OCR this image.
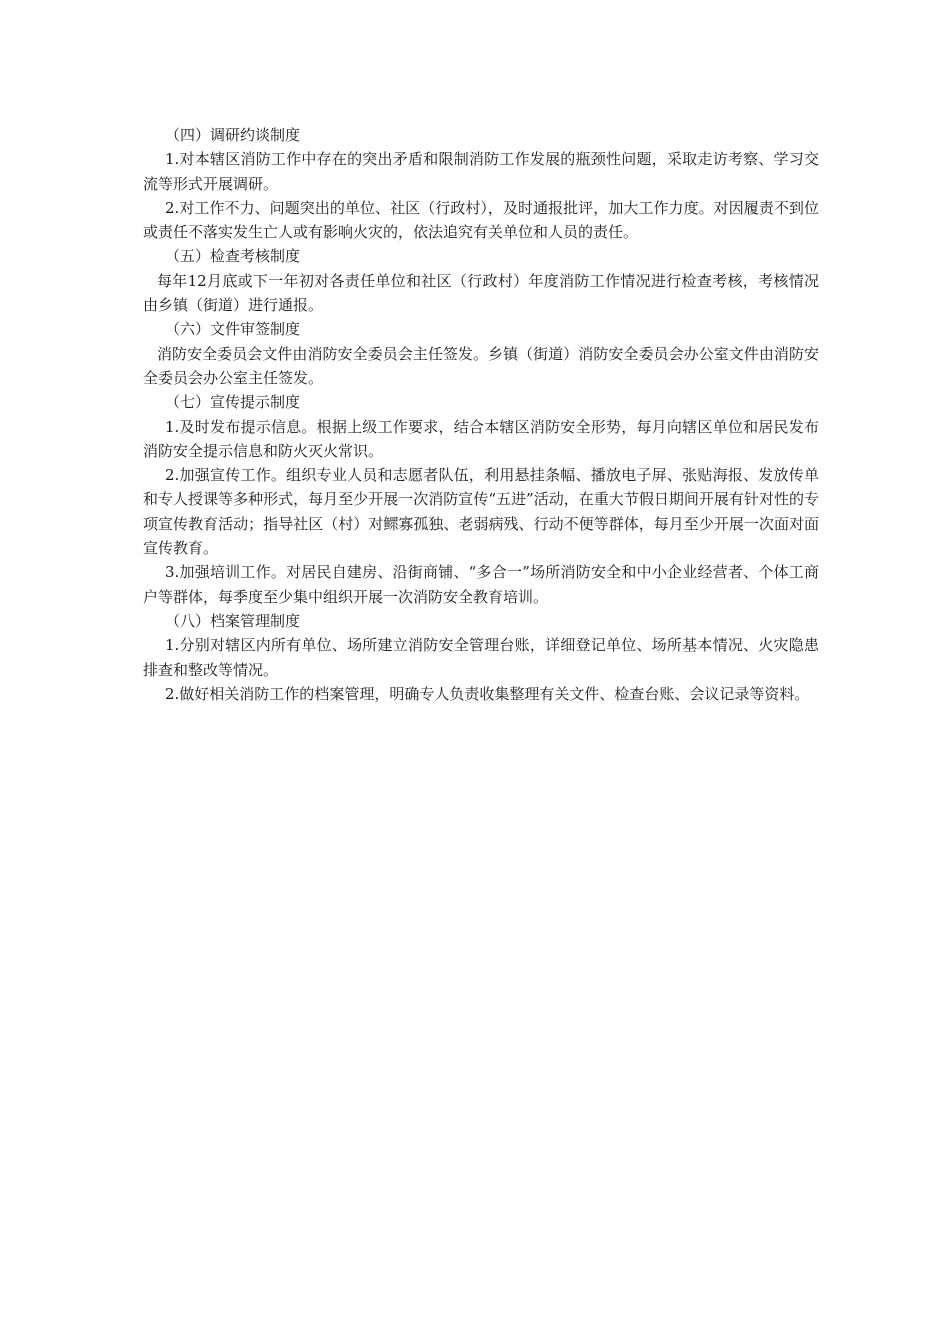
（四）调研约谈制度

1.对本辖区消防工作中存在的突出矛盾和限制消防工作发展的瓶颈性问题，采取走访考察、学习交流等形式开展调研。

2.对工作不力、问题突出的单位、社区（行政村），及时通报批评，加大工作力度。对因履责不到位或责任不落实发生亡人或有影响火灾的，依法追究有关单位和人员的责任。

（五）检查考核制度

每年12月底或下一年初对各责任单位和社区（行政村）年度消防工作情况进行检查考核，考核情况由乡镇（街道）进行通报。

（六）文件审签制度

消防安全委员会文件由消防安全委员会主任签发。乡镇（街道）消防安全委员会办公室文件由消防安全委员会办公室主任签发。

（七）宣传提示制度

1.及时发布提示信息。根据上级工作要求，结合本辖区消防安全形势，每月向辖区单位和居民发布消防安全提示信息和防火灭火常识。

2.加强宣传工作。组织专业人员和志愿者队伍，利用悬挂条幅、播放电子屏、张贴海报、发放传单和专人授课等多种形式，每月至少开展一次消防宣传“五进”活动，在重大节假日期间开展有针对性的专项宣传教育活动；指导社区（村）对鳏寡孤独、老弱病残、行动不便等群体，每月至少开展一次面对面宣传教育。

3.加强培训工作。对居民自建房、沿街商铺、“多合一”场所消防安全和中小企业经营者、个体工商户等群体，每季度至少集中组织开展一次消防安全教育培训。

（八）档案管理制度

1.分别对辖区内所有单位、场所建立消防安全管理台账，详细登记单位、场所基本情况、火灾隐患排查和整改等情况。

2.做好相关消防工作的档案管理，明确专人负责收集整理有关文件、检查台账、会议记录等资料。
